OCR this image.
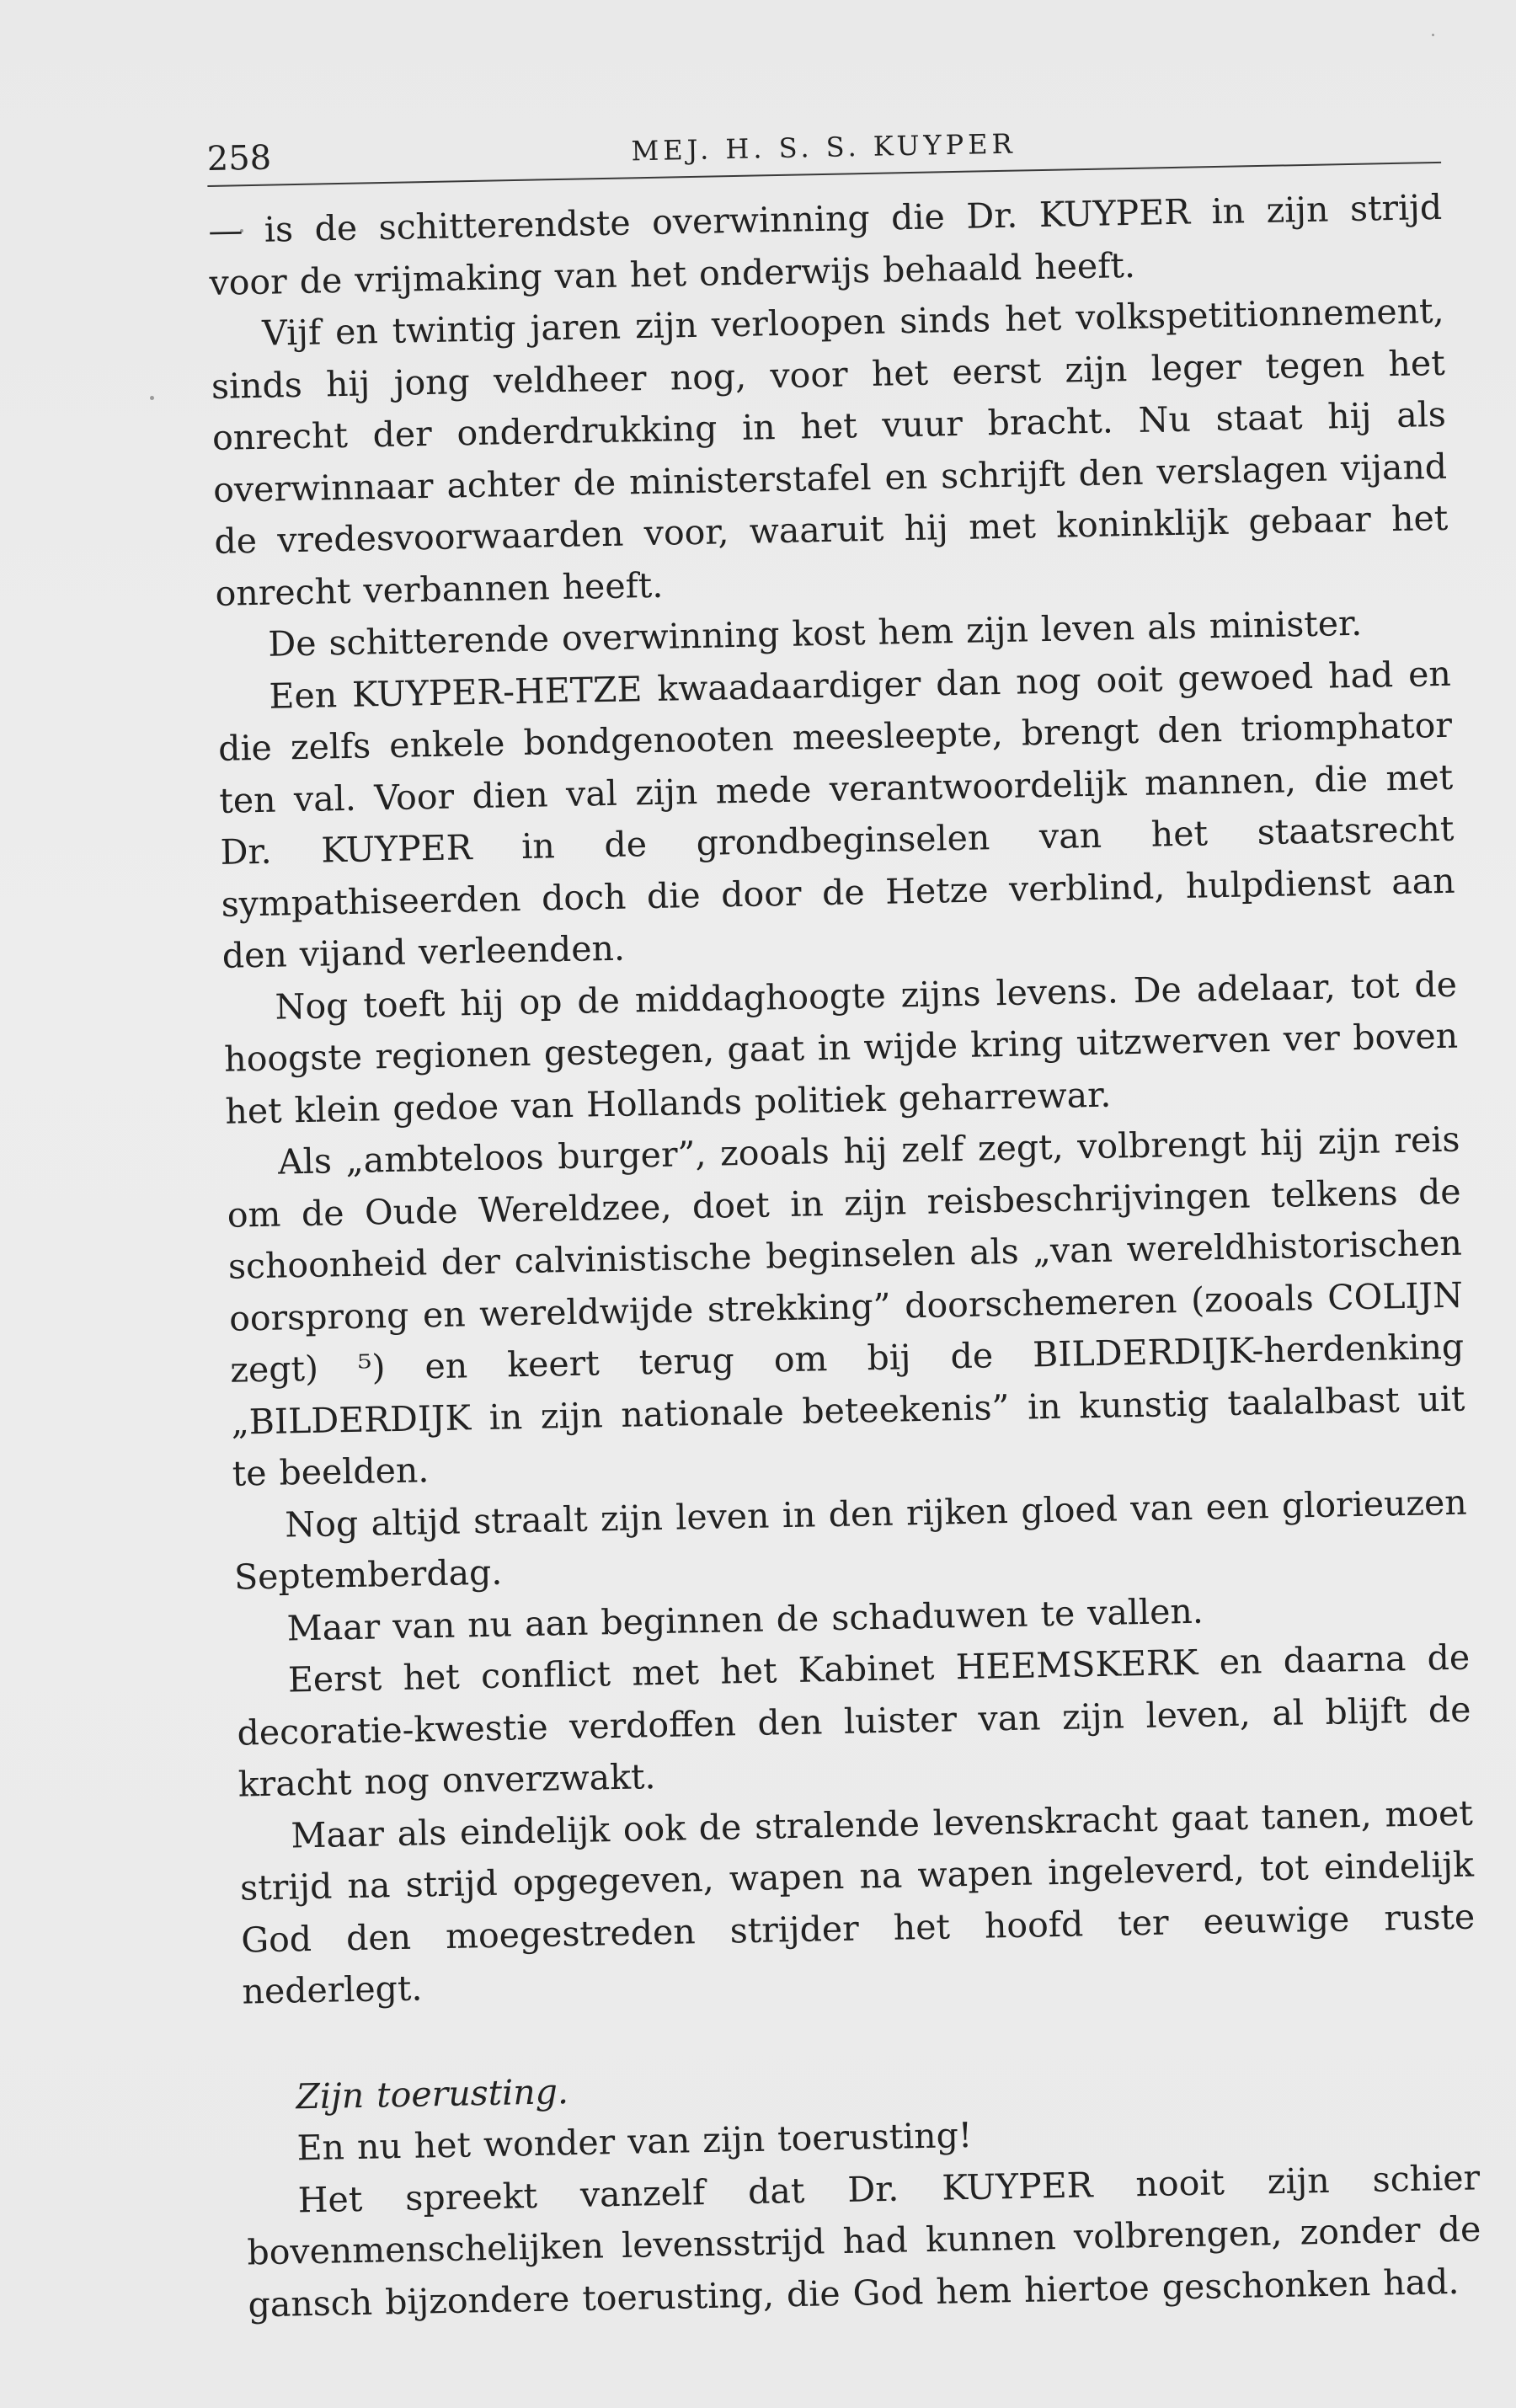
258	MEJ. H. S. S. KUYPER

— is de schitterendste overwinning die Dr. KUYPER in zijn strijd voor de vrijmaking van het onderwijs behaald heeft.

Vijf en twintig jaren zijn verloopen sinds het volkspetitionnement, sinds hij jong veldheer nog, voor het eerst zijn leger tegen het onrecht der onderdrukking in het vuur bracht. Nu staat hij als overwinnaar achter de ministerstafel en schrijft den verslagen vijand de vredesvoorwaarden voor, waaruit hij met koninklijk gebaar het onrecht verbannen heeft.

De schitterende overwinning kost hem zijn leven als minister.

Een KUYPER-HETZE kwaadaardiger dan nog ooit gewoed had en die zelfs enkele bondgenooten meesleepte, brengt den triomphator ten val. Voor dien val zijn mede verantwoordelijk mannen, die met Dr. KUYPER in de grondbeginselen van het staatsrecht sympathiseerden doch die door de Hetze verblind, hulpdienst aan den vijand verleenden.

Nog toeft hij op de middaghoogte zijns levens. De adelaar, tot de hoogste regionen gestegen, gaat in wijde kring uitzwerven ver boven het klein gedoe van Hollands politiek geharrewar.

Als „ambteloos burger”, zooals hij zelf zegt, volbrengt hij zijn reis om de Oude Wereldzee, doet in zijn reisbeschrijvingen telkens de schoonheid der calvinistische beginselen als „van wereldhistorischen oorsprong en wereldwijde strekking” doorschemeren (zooals COLIJN zegt) ⁵) en keert terug om bij de BILDERDIJK-herdenking „BILDERDIJK in zijn nationale beteekenis” in kunstig taalalbast uit te beelden.

Nog altijd straalt zijn leven in den rijken gloed van een glorieuzen Septemberdag.

Maar van nu aan beginnen de schaduwen te vallen.

Eerst het conflict met het Kabinet HEEMSKERK en daarna de decoratie-kwestie verdoffen den luister van zijn leven, al blijft de kracht nog onverzwakt.

Maar als eindelijk ook de stralende levenskracht gaat tanen, moet strijd na strijd opgegeven, wapen na wapen ingeleverd, tot eindelijk God den moegestreden strijder het hoofd ter eeuwige ruste nederlegt.

Zijn toerusting.

En nu het wonder van zijn toerusting!

Het spreekt vanzelf dat Dr. KUYPER nooit zijn schier bovenmenschelijken levensstrijd had kunnen volbrengen, zonder de gansch bijzondere toerusting, die God hem hiertoe geschonken had.
